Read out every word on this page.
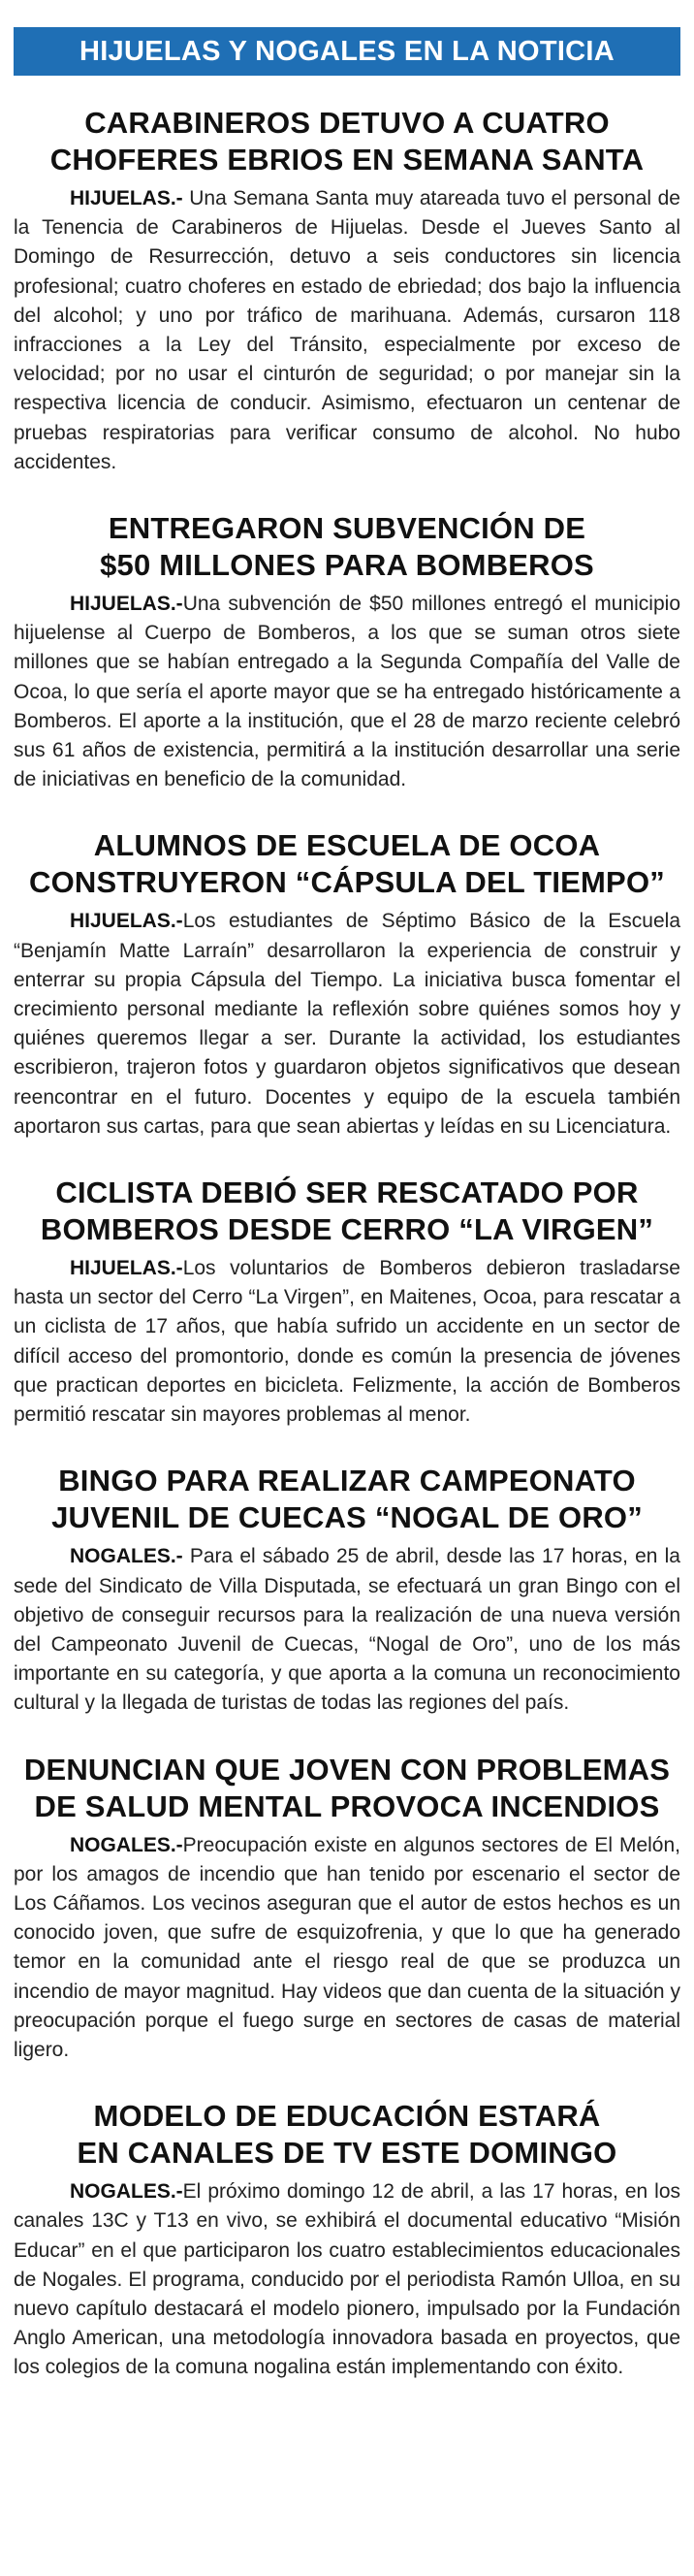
HIJUELAS Y NOGALES EN LA NOTICIA
CARABINEROS DETUVO A CUATRO
CHOFERES EBRIOS EN SEMANA SANTA

HIJUELAS.- Una Semana Santa muy atareada tuvo el personal de la Tenencia de Carabineros de Hijuelas. Desde el Jueves Santo al Domingo de Resurrección, detuvo a seis conductores sin licencia profesional; cuatro choferes en estado de ebriedad; dos bajo la influencia del alcohol; y uno por tráfico de marihuana. Además, cursaron 118 infracciones a la Ley del Tránsito, especialmente por exceso de velocidad; por no usar el cinturón de seguridad; o por manejar sin la respectiva licencia de conducir. Asimismo, efectuaron un centenar de pruebas respiratorias para verificar consumo de alcohol. No hubo accidentes.

ENTREGARON SUBVENCIÓN DE
$50 MILLONES PARA BOMBEROS

HIJUELAS.-Una subvención de $50 millones entregó el municipio hijuelense al Cuerpo de Bomberos, a los que se suman otros siete millones que se habían entregado a la Segunda Compañía del Valle de Ocoa, lo que sería el aporte mayor que se ha entregado históricamente a Bomberos. El aporte a la institución, que el 28 de marzo reciente celebró sus 61 años de existencia, permitirá a la institución desarrollar una serie de iniciativas en beneficio de la comunidad.

ALUMNOS DE ESCUELA DE OCOA
CONSTRUYERON “CÁPSULA DEL TIEMPO”

HIJUELAS.-Los estudiantes de Séptimo Básico de la Escuela “Benjamín Matte Larraín” desarrollaron la experiencia de construir y enterrar su propia Cápsula del Tiempo. La iniciativa busca fomentar el crecimiento personal mediante la reflexión sobre quiénes somos hoy y quiénes queremos llegar a ser. Durante la actividad, los estudiantes escribieron, trajeron fotos y guardaron objetos significativos que desean reencontrar en el futuro. Docentes y equipo de la escuela también aportaron sus cartas, para que sean abiertas y leídas en su Licenciatura.

CICLISTA DEBIÓ SER RESCATADO POR
BOMBEROS DESDE CERRO “LA VIRGEN”

HIJUELAS.-Los voluntarios de Bomberos debieron trasladarse hasta un sector del Cerro “La Virgen”, en Maitenes, Ocoa, para rescatar a un ciclista de 17 años, que había sufrido un accidente en un sector de difícil acceso del promontorio, donde es común la presencia de jóvenes que practican deportes en bicicleta. Felizmente, la acción de Bomberos permitió rescatar sin mayores problemas al menor.

BINGO PARA REALIZAR CAMPEONATO
JUVENIL DE CUECAS “NOGAL DE ORO”

NOGALES.- Para el sábado 25 de abril, desde las 17 horas, en la sede del Sindicato de Villa Disputada, se efectuará un gran Bingo con el objetivo de conseguir recursos para la realización de una nueva versión del Campeonato Juvenil de Cuecas, “Nogal de Oro”, uno de los más importante en su categoría, y que aporta a la comuna un reconocimiento cultural y la llegada de turistas de todas las regiones del país.

DENUNCIAN QUE JOVEN CON PROBLEMAS
DE SALUD MENTAL PROVOCA INCENDIOS

NOGALES.-Preocupación existe en algunos sectores de El Melón, por los amagos de incendio que han tenido por escenario el sector de Los Cáñamos. Los vecinos aseguran que el autor de estos hechos es un conocido joven, que sufre de esquizofrenia, y que lo que ha generado temor en la comunidad ante el riesgo real de que se produzca un incendio de mayor magnitud. Hay videos que dan cuenta de la situación y preocupación porque el fuego surge en sectores de casas de material ligero.

MODELO DE EDUCACIÓN ESTARÁ
EN CANALES DE TV ESTE DOMINGO

NOGALES.-El próximo domingo 12 de abril, a las 17 horas, en los canales 13C y T13 en vivo, se exhibirá el documental educativo “Misión Educar” en el que participaron los cuatro establecimientos educacionales de Nogales. El programa, conducido por el periodista Ramón Ulloa, en su nuevo capítulo destacará el modelo pionero, impulsado por la Fundación Anglo American, una metodología innovadora basada en proyectos, que los colegios de la comuna nogalina están implementando con éxito.
